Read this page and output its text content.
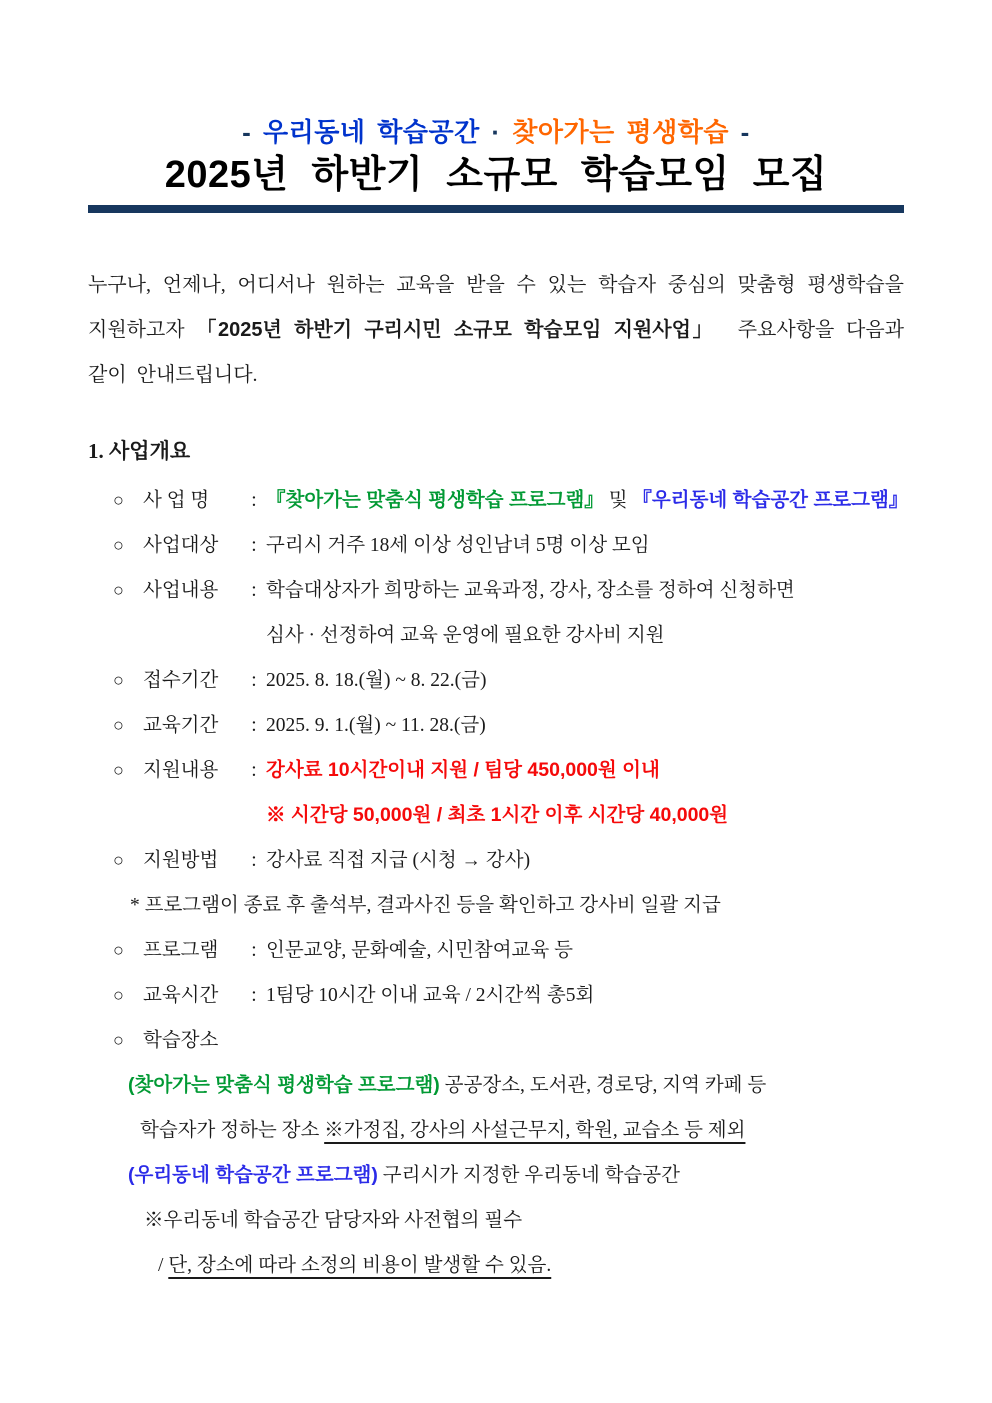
- 우리동네 학습공간 · 찾아가는 평생학습 -
2025년 하반기 소규모 학습모임 모집

누구나, 언제나, 어디서나 원하는 교육을 받을 수 있는 학습자 중심의 맞춤형 평생학습을 지원하고자 「2025년 하반기 구리시민 소규모 학습모임 지원사업」  주요사항을 다음과 같이 안내드립니다.

1. 사업개요
○ 사 업 명	: 『찾아가는 맞춤식 평생학습 프로그램』 및 『우리동네 학습공간 프로그램』
○ 사업대상	: 구리시 거주 18세 이상 성인남녀 5명 이상 모임
○ 사업내용	: 학습대상자가 희망하는 교육과정, 강사, 장소를 정하여 신청하면
심사 · 선정하여 교육 운영에 필요한 강사비 지원
○ 접수기간	: 2025. 8. 18.(월) ~ 8. 22.(금)
○ 교육기간	: 2025. 9. 1.(월) ~ 11. 28.(금)
○ 지원내용	: 강사료 10시간이내 지원 / 팀당 450,000원 이내
※ 시간당 50,000원 / 최초 1시간 이후 시간당 40,000원
○ 지원방법	: 강사료 직접 지급 (시청 → 강사)
* 프로그램이 종료 후 출석부, 결과사진 등을 확인하고 강사비 일괄 지급
○ 프로그램	: 인문교양, 문화예술, 시민참여교육 등
○ 교육시간	: 1팀당 10시간 이내 교육 / 2시간씩 총5회
○ 학습장소
(찾아가는 맞춤식 평생학습 프로그램) 공공장소, 도서관, 경로당, 지역 카페 등
학습자가 정하는 장소 ※가정집, 강사의 사설근무지, 학원, 교습소 등 제외
(우리동네 학습공간 프로그램) 구리시가 지정한 우리동네 학습공간
※우리동네 학습공간 담당자와 사전협의 필수
/ 단, 장소에 따라 소정의 비용이 발생할 수 있음.
